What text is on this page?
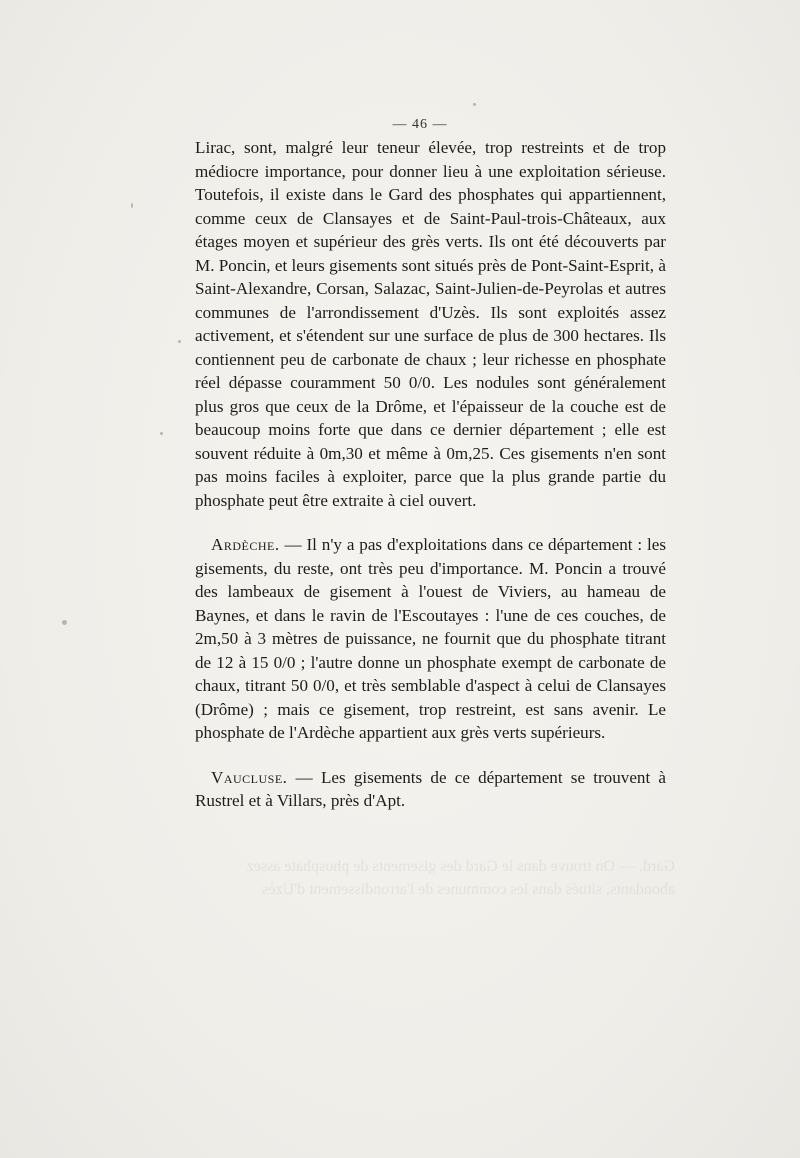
— 46 —

Lirac, sont, malgré leur teneur élevée, trop restreints et de trop médiocre importance, pour donner lieu à une exploitation sérieuse. Toutefois, il existe dans le Gard des phosphates qui appartiennent, comme ceux de Clansayes et de Saint-Paul-trois-Châteaux, aux étages moyen et supérieur des grès verts. Ils ont été découverts par M. Poncin, et leurs gisements sont situés près de Pont-Saint-Esprit, à Saint-Alexandre, Corsan, Salazac, Saint-Julien-de-Peyrolas et autres communes de l'arrondissement d'Uzès. Ils sont exploités assez activement, et s'étendent sur une surface de plus de 300 hectares. Ils contiennent peu de carbonate de chaux ; leur richesse en phosphate réel dépasse couramment 50 0/0. Les nodules sont généralement plus gros que ceux de la Drôme, et l'épaisseur de la couche est de beaucoup moins forte que dans ce dernier département ; elle est souvent réduite à 0m,30 et même à 0m,25. Ces gisements n'en sont pas moins faciles à exploiter, parce que la plus grande partie du phosphate peut être extraite à ciel ouvert.

Ardèche. — Il n'y a pas d'exploitations dans ce département : les gisements, du reste, ont très peu d'importance. M. Poncin a trouvé des lambeaux de gisement à l'ouest de Viviers, au hameau de Baynes, et dans le ravin de l'Escoutayes : l'une de ces couches, de 2m,50 à 3 mètres de puissance, ne fournit que du phosphate titrant de 12 à 15 0/0 ; l'autre donne un phosphate exempt de carbonate de chaux, titrant 50 0/0, et très semblable d'aspect à celui de Clansayes (Drôme) ; mais ce gisement, trop restreint, est sans avenir. Le phosphate de l'Ardèche appartient aux grès verts supérieurs.

Vaucluse. — Les gisements de ce département se trouvent à Rustrel et à Villars, près d'Apt.

Gard. — On trouve dans le Gard des gisements de phosphate assez abondants, situés dans les communes de l'arrondissement d'Uzès
